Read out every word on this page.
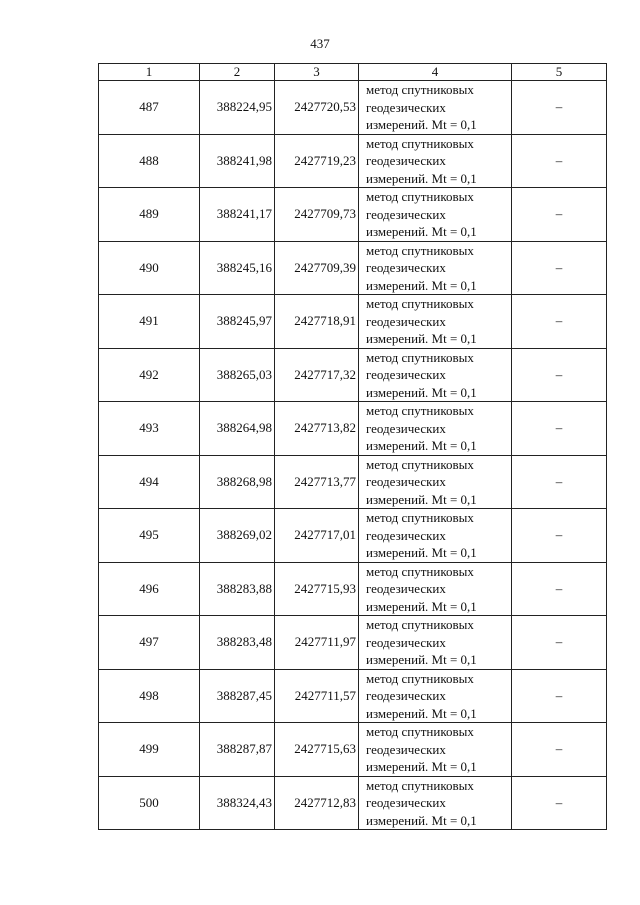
437
1	2	3	4	5
487	388224,95	2427720,53	метод спутниковых
геодезических
измерений. Mt = 0,1	–
488	388241,98	2427719,23	метод спутниковых
геодезических
измерений. Mt = 0,1	–
489	388241,17	2427709,73	метод спутниковых
геодезических
измерений. Mt = 0,1	–
490	388245,16	2427709,39	метод спутниковых
геодезических
измерений. Mt = 0,1	–
491	388245,97	2427718,91	метод спутниковых
геодезических
измерений. Mt = 0,1	–
492	388265,03	2427717,32	метод спутниковых
геодезических
измерений. Mt = 0,1	–
493	388264,98	2427713,82	метод спутниковых
геодезических
измерений. Mt = 0,1	–
494	388268,98	2427713,77	метод спутниковых
геодезических
измерений. Mt = 0,1	–
495	388269,02	2427717,01	метод спутниковых
геодезических
измерений. Mt = 0,1	–
496	388283,88	2427715,93	метод спутниковых
геодезических
измерений. Mt = 0,1	–
497	388283,48	2427711,97	метод спутниковых
геодезических
измерений. Mt = 0,1	–
498	388287,45	2427711,57	метод спутниковых
геодезических
измерений. Mt = 0,1	–
499	388287,87	2427715,63	метод спутниковых
геодезических
измерений. Mt = 0,1	–
500	388324,43	2427712,83	метод спутниковых
геодезических
измерений. Mt = 0,1	–
